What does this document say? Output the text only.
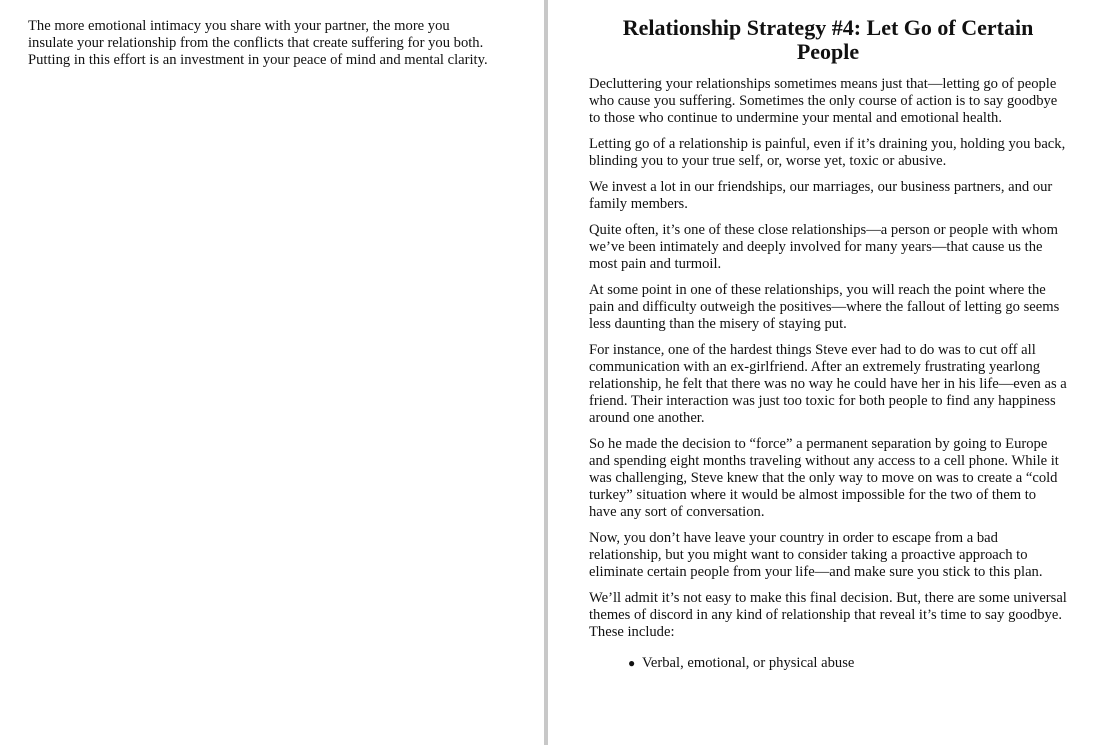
The more emotional intimacy you share with your partner, the more you insulate your relationship from the conflicts that create suffering for you both. Putting in this effort is an investment in your peace of mind and mental clarity.

Relationship Strategy #4: Let Go of Certain People

Decluttering your relationships sometimes means just that—letting go of people who cause you suffering. Sometimes the only course of action is to say goodbye to those who continue to undermine your mental and emotional health.

Letting go of a relationship is painful, even if it’s draining you, holding you back, blinding you to your true self, or, worse yet, toxic or abusive.

We invest a lot in our friendships, our marriages, our business partners, and our family members.

Quite often, it’s one of these close relationships—a person or people with whom we’ve been intimately and deeply involved for many years—that cause us the most pain and turmoil.

At some point in one of these relationships, you will reach the point where the pain and difficulty outweigh the positives—where the fallout of letting go seems less daunting than the misery of staying put.

For instance, one of the hardest things Steve ever had to do was to cut off all communication with an ex-girlfriend. After an extremely frustrating yearlong relationship, he felt that there was no way he could have her in his life—even as a friend. Their interaction was just too toxic for both people to find any happiness around one another.

So he made the decision to “force” a permanent separation by going to Europe and spending eight months traveling without any access to a cell phone. While it was challenging, Steve knew that the only way to move on was to create a “cold turkey” situation where it would be almost impossible for the two of them to have any sort of conversation.

Now, you don’t have leave your country in order to escape from a bad relationship, but you might want to consider taking a proactive approach to eliminate certain people from your life—and make sure you stick to this plan.

We’ll admit it’s not easy to make this final decision. But, there are some universal themes of discord in any kind of relationship that reveal it’s time to say goodbye. These include:

● Verbal, emotional, or physical abuse
